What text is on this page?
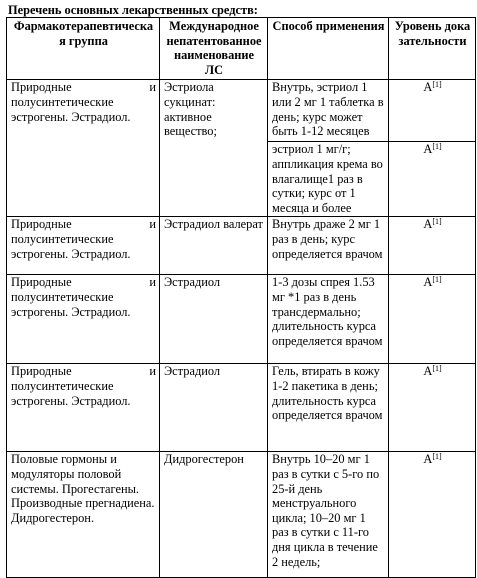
Перечень основных лекарственных средств:
Фармакотерапевтическая группа	Международное непатентованное наименование ЛС	Способ применения	Уровень доказательности

Природные и
полусинтетические эстрогены. Эстрадиол.	Эстриола сукцинат: активное вещество;	Внутрь, эстриол 1 или 2 мг 1 таблетка в день; курс может быть 1-12 месяцев	A[1]
		эстриол 1 мг/г; аппликация крема во влагалище1 раз в сутки; курс от 1 месяца и более	A[1]

Природные и
полусинтетические эстрогены. Эстрадиол.	Эстрадиол валерат	Внутрь драже 2 мг 1 раз в день; курс определяется врачом	A[1]

Природные и
полусинтетические эстрогены. Эстрадиол.	Эстрадиол	1-3 дозы спрея 1.53 мг *1 раз в день трансдермально; длительность курса определяется врачом	A[1]

Природные и
полусинтетические эстрогены. Эстрадиол.	Эстрадиол	Гель, втирать в кожу 1-2 пакетика в день; длительность курса определяется врачом	A[1]
Половые гормоны и модуляторы половой системы. Прогестагены. Производные прегнадиена. Дидрогестерон.	Дидрогестерон	Внутрь 10–20 мг 1 раз в сутки с 5-го по 25-й день менструального цикла; 10–20 мг 1 раз в сутки с 11-го дня цикла в течение 2 недель;	A[1]
